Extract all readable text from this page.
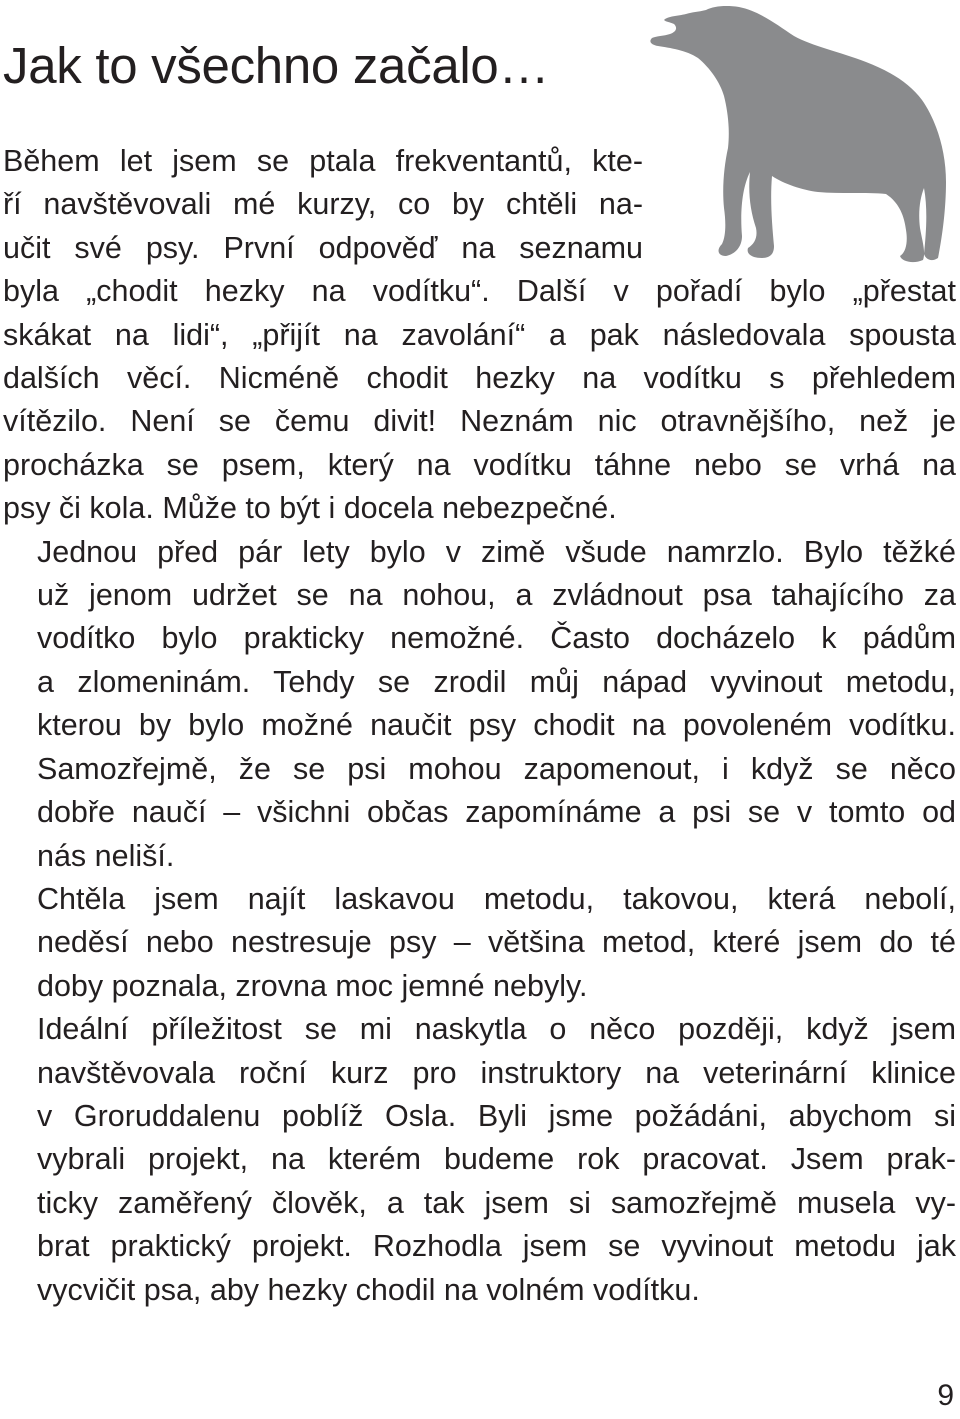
Jak to všechno začalo…

Během let jsem se ptala frekventantů, kte-
ří navštěvovali mé kurzy, co by chtěli na-
učit své psy. První odpověď na seznamu
byla „chodit hezky na vodítku“. Další v pořadí bylo „přestat
skákat na lidi“, „přijít na zavolání“ a pak následovala spousta
dalších věcí. Nicméně chodit hezky na vodítku s přehledem
vítězilo. Není se čemu divit! Neznám nic otravnějšího, než je
procházka se psem, který na vodítku táhne nebo se vrhá na
psy či kola. Může to být i docela nebezpečné.

Jednou před pár lety bylo v zimě všude namrzlo. Bylo těžké
už jenom udržet se na nohou, a zvládnout psa tahajícího za
vodítko bylo prakticky nemožné. Často docházelo k pádům
a zlomeninám. Tehdy se zrodil můj nápad vyvinout metodu,
kterou by bylo možné naučit psy chodit na povoleném vodítku.
Samozřejmě, že se psi mohou zapomenout, i když se něco
dobře naučí – všichni občas zapomínáme a psi se v tomto od
nás neliší.

Chtěla jsem najít laskavou metodu, takovou, která nebolí,
neděsí nebo nestresuje psy – většina metod, které jsem do té
doby poznala, zrovna moc jemné nebyly.

Ideální příležitost se mi naskytla o něco později, když jsem
navštěvovala roční kurz pro instruktory na veterinární klinice
v Groruddalenu poblíž Osla. Byli jsme požádáni, abychom si
vybrali projekt, na kterém budeme rok pracovat. Jsem prak-
ticky zaměřený člověk, a tak jsem si samozřejmě musela vy-
brat praktický projekt. Rozhodla jsem se vyvinout metodu jak
vycvičit psa, aby hezky chodil na volném vodítku.

9
